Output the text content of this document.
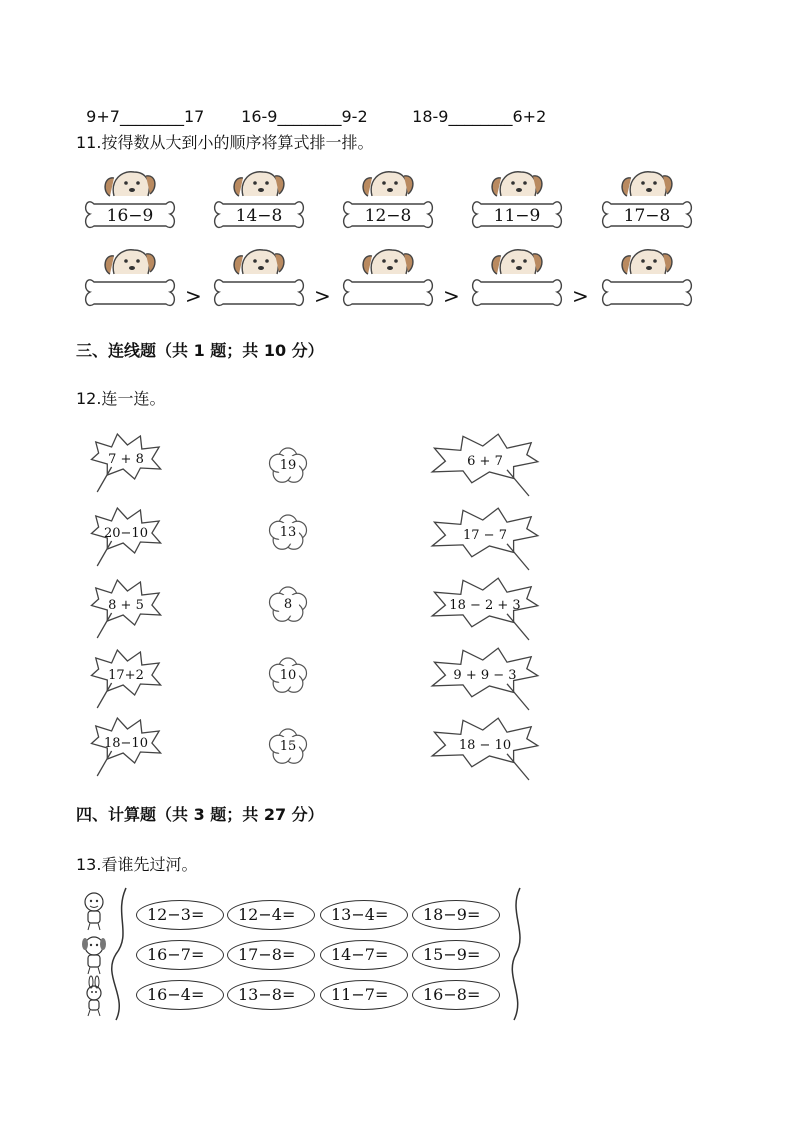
9+7________17	16-9________9-2	18-9________6+2

11.按得数从大到小的顺序将算式排一排。
16−9	14−8	12−8	11−9	17−8
>	>	>	>
三、连线题（共 1 题；共 10 分）
12.连一连。
7 + 8
20−10
8 + 5
17+2
18−10
19
13
8
10
15
6 + 7
17 − 7
18 − 2 + 3
9 + 9 − 3
18 − 10
四、计算题（共 3 题；共 27 分）
13.看谁先过河。
12−3=	12−4=	13−4=	18−9=
16−7=	17−8=	14−7=	15−9=
16−4=	13−8=	11−7=	16−8=
